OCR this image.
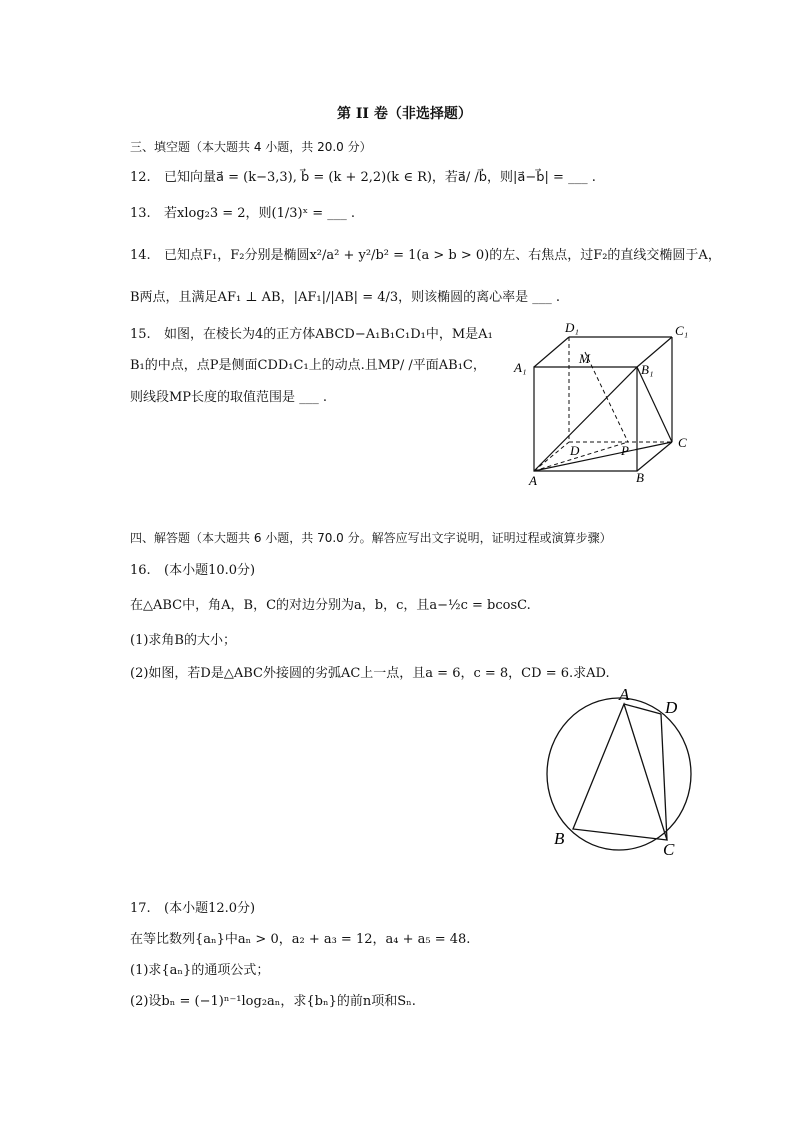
第 II 卷（非选择题）
三、填空题（本大题共 4 小题，共 20.0 分）
12. 已知向量a⃗ = (k−3,3), b⃗ = (k + 2,2)(k ∈ R)，若a⃗/ /b⃗，则|a⃗−b⃗| = ___ .
13. 若xlog₂3 = 2，则(1/3)ˣ = ___ .
14. 已知点F₁，F₂分别是椭圆x²/a² + y²/b² = 1(a > b > 0)的左、右焦点，过F₂的直线交椭圆于A，
B两点，且满足AF₁ ⊥ AB，|AF₁|/|AB| = 4/3，则该椭圆的离心率是 ___ .
15. 如图，在棱长为4的正方体ABCD−A₁B₁C₁D₁中，M是A₁
B₁的中点，点P是侧面CDD₁C₁上的动点.且MP/ /平面AB₁C，
则线段MP长度的取值范围是 ___ .
D₁	C₁
M
A₁	B₁
D	P
C
A	B
四、解答题（本大题共 6 小题，共 70.0 分。解答应写出文字说明，证明过程或演算步骤）
16. (本小题10.0分)
在△ABC中，角A，B，C的对边分别为a，b，c，且a−½c = bcosC.
(1)求角B的大小；
(2)如图，若D是△ABC外接圆的劣弧AC上一点，且a = 6，c = 8，CD = 6.求AD.
A
D
B
C
17. (本小题12.0分)
在等比数列{aₙ}中aₙ > 0，a₂ + a₃ = 12，a₄ + a₅ = 48.
(1)求{aₙ}的通项公式；
(2)设bₙ = (−1)ⁿ⁻¹log₂aₙ，求{bₙ}的前n项和Sₙ.
